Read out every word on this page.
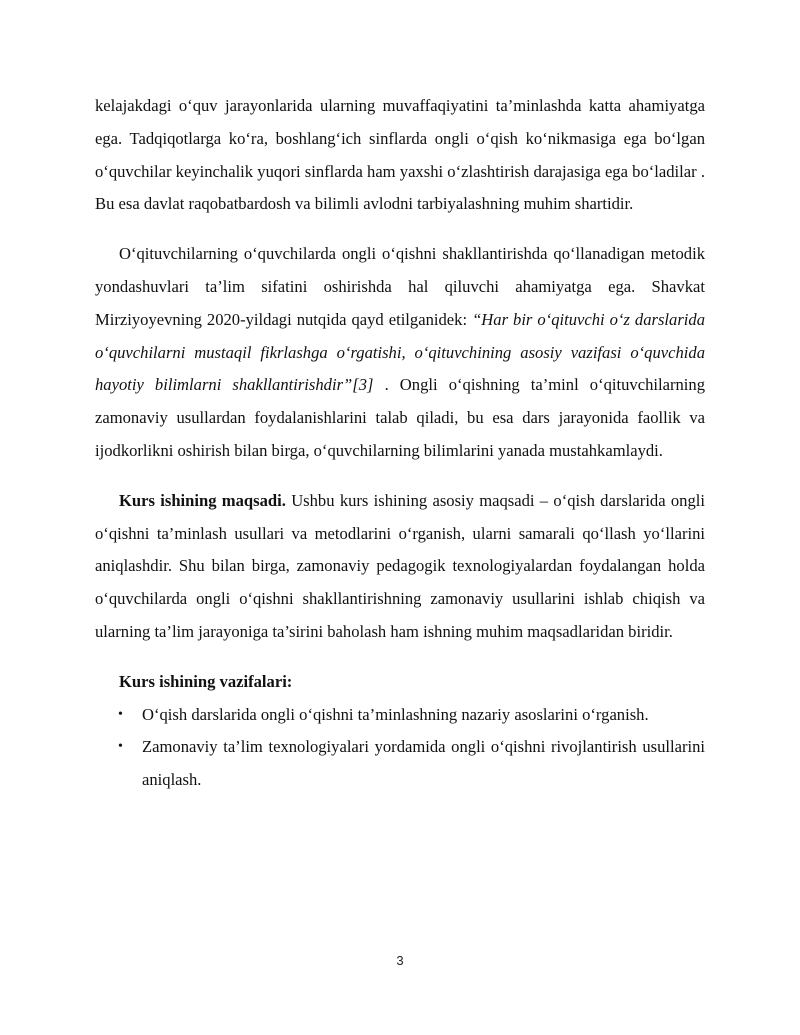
kelajakdagi o‘quv jarayonlarida ularning muvaffaqiyatini ta’minlashda katta ahamiyatga ega. Tadqiqotlarga ko‘ra, boshlang‘ich sinflarda ongli o‘qish ko‘nikmasiga ega bo‘lgan o‘quvchilar keyinchalik yuqori sinflarda ham yaxshi o‘zlashtirish darajasiga ega bo‘ladilar . Bu esa davlat raqobatbardosh va bilimli avlodni tarbiyalashning muhim shartidir.

O‘qituvchilarning o‘quvchilarda ongli o‘qishni shakllantirishda qo‘llanadigan metodik yondashuvlari ta’lim sifatini oshirishda hal qiluvchi ahamiyatga ega. Shavkat Mirziyoyevning 2020-yildagi nutqida qayd etilganidek: “Har bir o‘qituvchi o‘z darslarida o‘quvchilarni mustaqil fikrlashga o‘rgatishi, o‘qituvchining asosiy vazifasi o‘quvchida hayotiy bilimlarni shakllantirishdir”[3] . Ongli o‘qishning ta’minl o‘qituvchilarning zamonaviy usullardan foydalanishlarini talab qiladi, bu esa dars jarayonida faollik va ijodkorlikni oshirish bilan birga, o‘quvchilarning bilimlarini yanada mustahkamlaydi.

Kurs ishining maqsadi. Ushbu kurs ishining asosiy maqsadi – o‘qish darslarida ongli o‘qishni ta’minlash usullari va metodlarini o‘rganish, ularni samarali qo‘llash yo‘llarini aniqlashdir. Shu bilan birga, zamonaviy pedagogik texnologiyalardan foydalangan holda o‘quvchilarda ongli o‘qishni shakllantirishning zamonaviy usullarini ishlab chiqish va ularning ta’lim jarayoniga ta’sirini baholash ham ishning muhim maqsadlaridan biridir.

Kurs ishining vazifalari:

• O‘qish darslarida ongli o‘qishni ta’minlashning nazariy asoslarini o‘rganish.
• Zamonaviy ta’lim texnologiyalari yordamida ongli o‘qishni rivojlantirish usullarini aniqlash.
3
